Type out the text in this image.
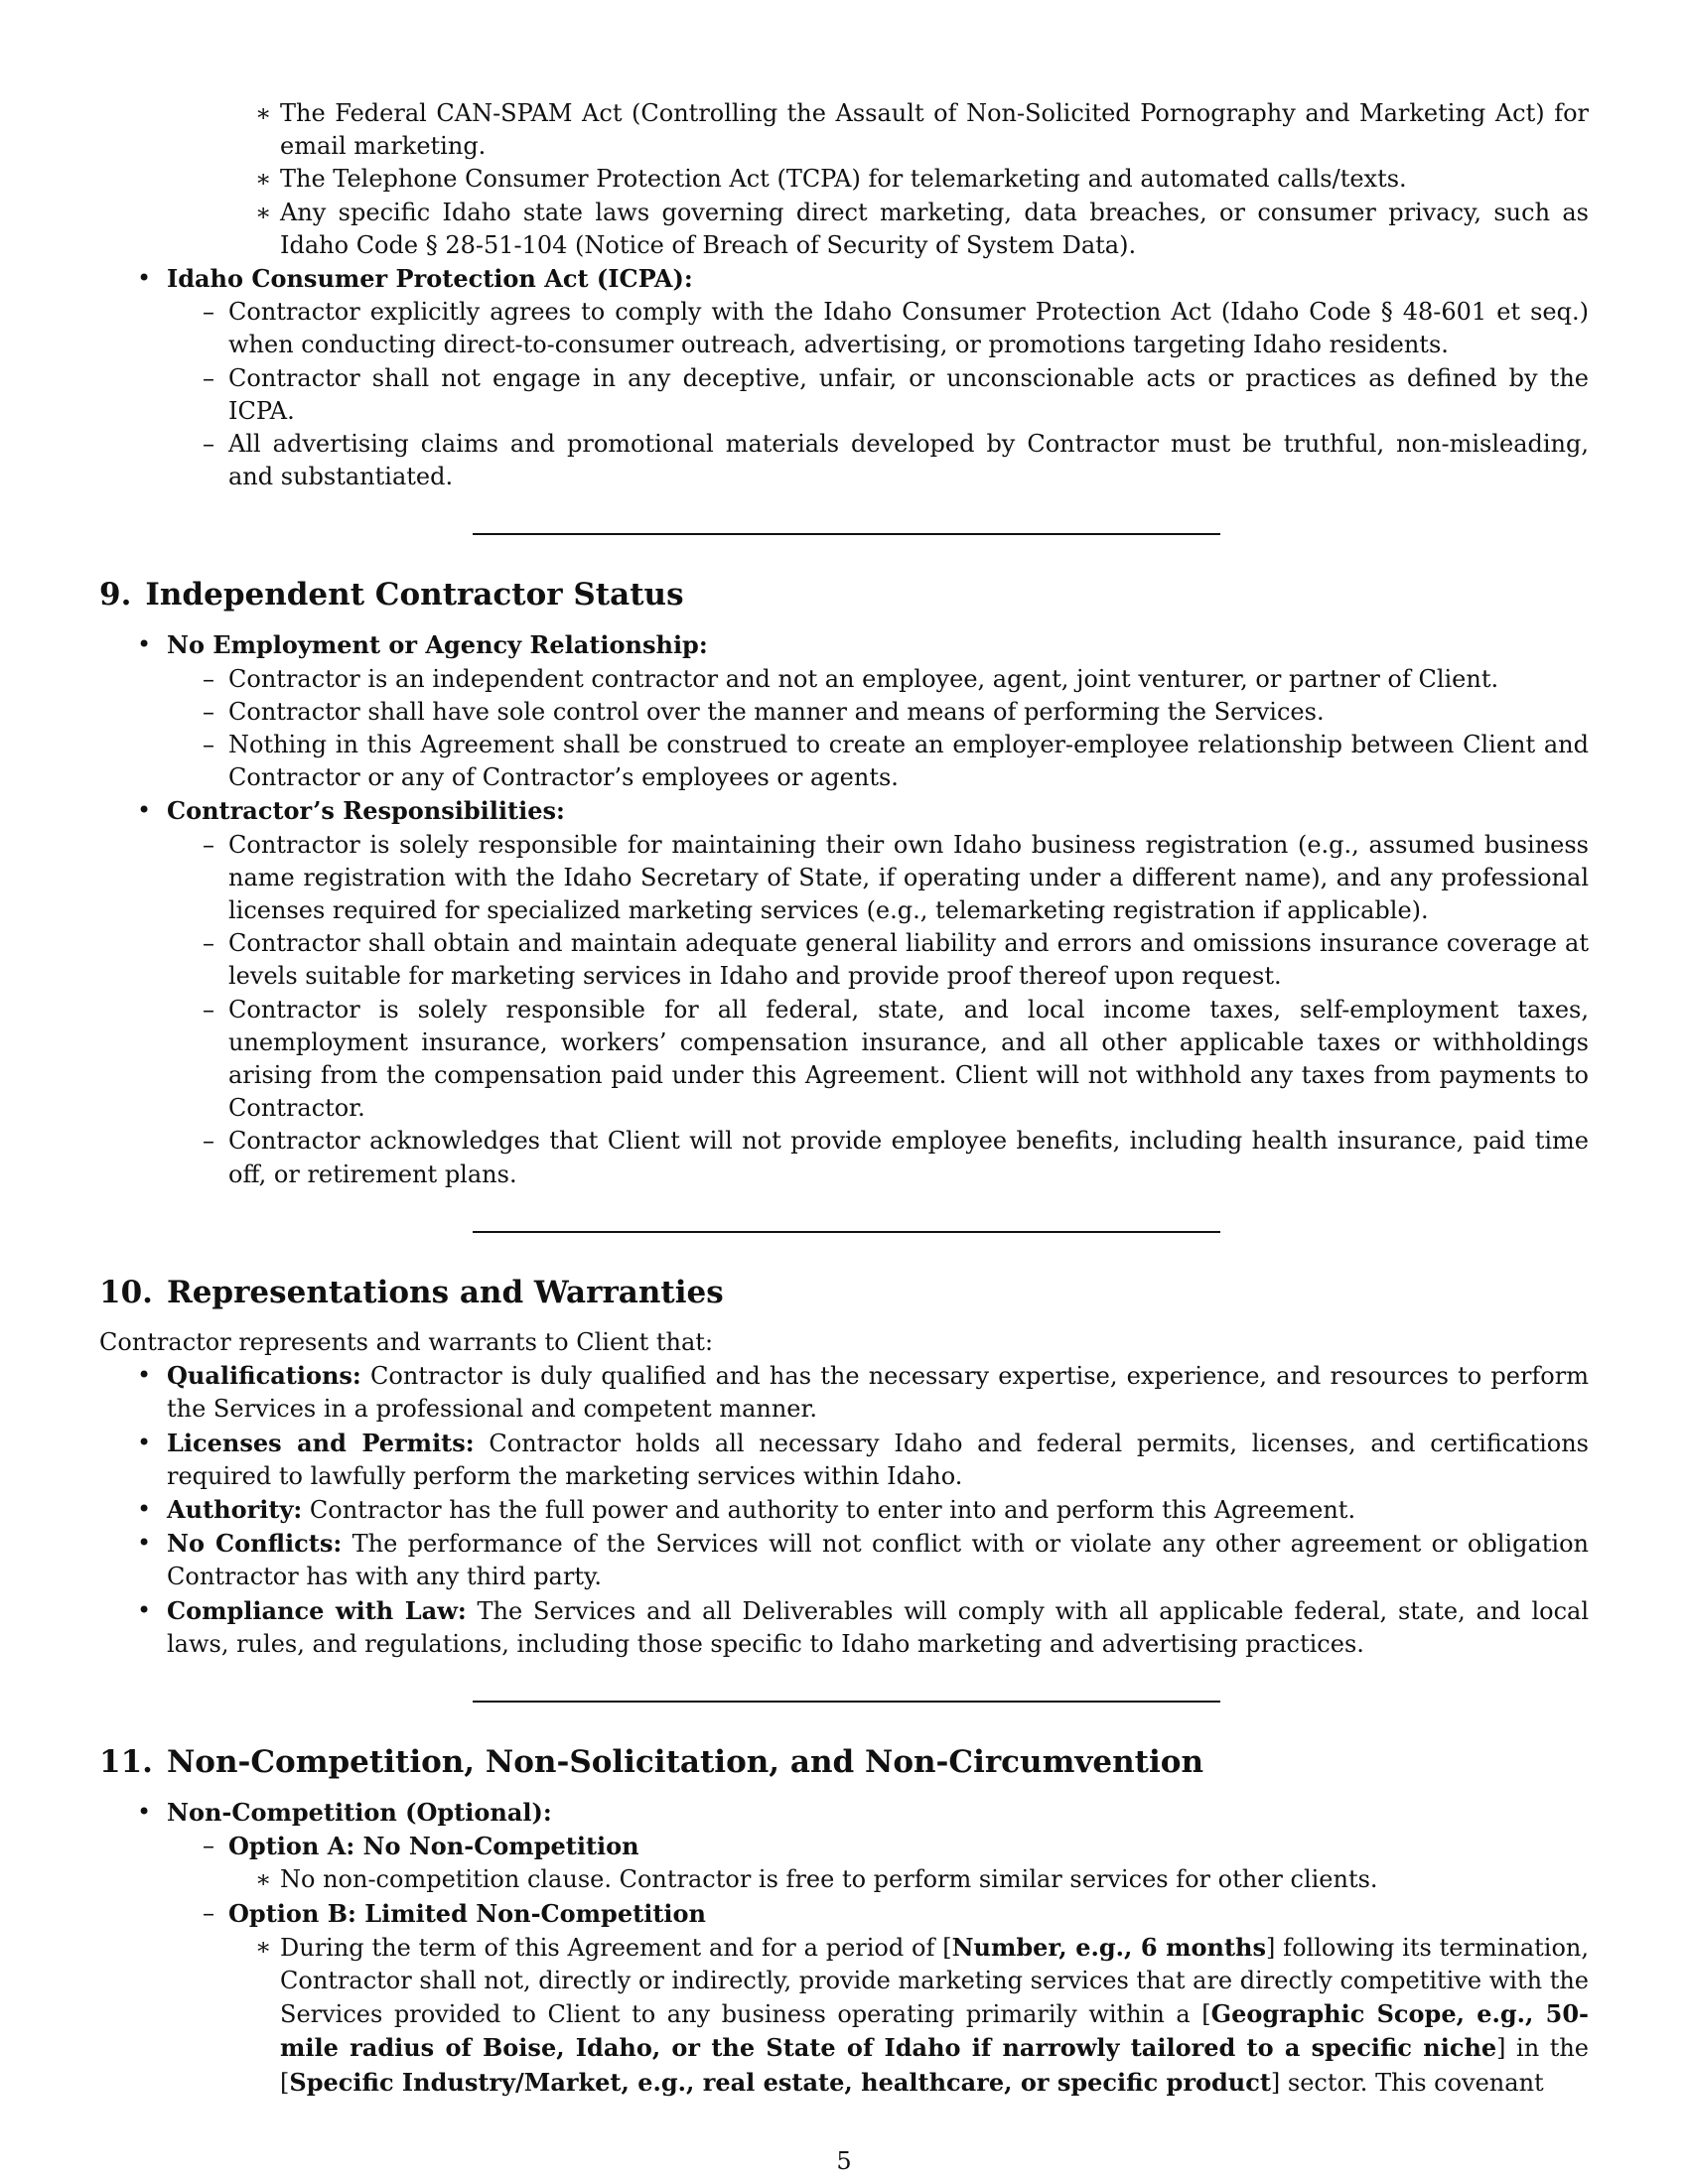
∗ The Federal CAN-SPAM Act (Controlling the Assault of Non-Solicited Pornography and Marketing Act) for email marketing.
∗ The Telephone Consumer Protection Act (TCPA) for telemarketing and automated calls/texts.
∗ Any specific Idaho state laws governing direct marketing, data breaches, or consumer privacy, such as Idaho Code § 28-51-104 (Notice of Breach of Security of System Data).
• Idaho Consumer Protection Act (ICPA):
– Contractor explicitly agrees to comply with the Idaho Consumer Protection Act (Idaho Code § 48-601 et seq.) when conducting direct-to-consumer outreach, advertising, or promotions targeting Idaho residents.
– Contractor shall not engage in any deceptive, unfair, or unconscionable acts or practices as defined by the ICPA.
– All advertising claims and promotional materials developed by Contractor must be truthful, non-misleading, and substantiated.
9. Independent Contractor Status
• No Employment or Agency Relationship:
– Contractor is an independent contractor and not an employee, agent, joint venturer, or partner of Client.
– Contractor shall have sole control over the manner and means of performing the Services.
– Nothing in this Agreement shall be construed to create an employer-employee relationship between Client and Contractor or any of Contractor’s employees or agents.
• Contractor’s Responsibilities:
– Contractor is solely responsible for maintaining their own Idaho business registration (e.g., assumed business name registration with the Idaho Secretary of State, if operating under a different name), and any professional licenses required for specialized marketing services (e.g., telemarketing registration if applicable).
– Contractor shall obtain and maintain adequate general liability and errors and omissions insurance coverage at levels suitable for marketing services in Idaho and provide proof thereof upon request.
– Contractor is solely responsible for all federal, state, and local income taxes, self-employment taxes, unemployment insurance, workers’ compensation insurance, and all other applicable taxes or withholdings arising from the compensation paid under this Agreement. Client will not withhold any taxes from payments to Contractor.
– Contractor acknowledges that Client will not provide employee benefits, including health insurance, paid time off, or retirement plans.
10. Representations and Warranties

Contractor represents and warrants to Client that:

• Qualifications: Contractor is duly qualified and has the necessary expertise, experience, and resources to perform the Services in a professional and competent manner.
• Licenses and Permits: Contractor holds all necessary Idaho and federal permits, licenses, and certifications required to lawfully perform the marketing services within Idaho.
• Authority: Contractor has the full power and authority to enter into and perform this Agreement.
• No Conflicts: The performance of the Services will not conflict with or violate any other agreement or obligation Contractor has with any third party.
• Compliance with Law: The Services and all Deliverables will comply with all applicable federal, state, and local laws, rules, and regulations, including those specific to Idaho marketing and advertising practices.
11. Non-Competition, Non-Solicitation, and Non-Circumvention
• Non-Competition (Optional):
– Option A: No Non-Competition
∗ No non-competition clause. Contractor is free to perform similar services for other clients.
– Option B: Limited Non-Competition
∗ During the term of this Agreement and for a period of [Number, e.g., 6 months] following its termination, Contractor shall not, directly or indirectly, provide marketing services that are directly competitive with the Services provided to Client to any business operating primarily within a [Geographic Scope, e.g., 50-mile radius of Boise, Idaho, or the State of Idaho if narrowly tailored to a specific niche] in the [Specific Industry/Market, e.g., real estate, healthcare, or specific product] sector. This covenant
5
